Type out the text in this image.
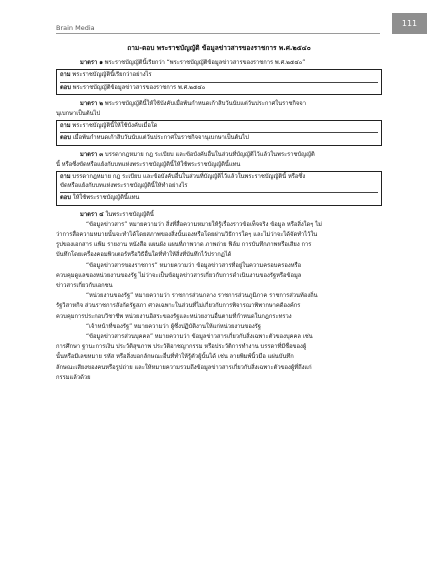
Brain Media	111
ถาม-ตอบ พระราชบัญญัติ ข้อมูลข่าวสารของราชการ พ.ศ.๒๕๔๐
มาตรา ๑ พระราชบัญญัตินี้เรียกว่า “พระราชบัญญัติข้อมูลข่าวสารของราชการ พ.ศ.๒๕๔๐”
ถาม พระราชบัญญัตินี้เรียกว่าอย่างไร
ตอบ พระราชบัญญัติข้อมูลข่าวสารของราชการ พ.ศ.๒๕๔๐
มาตรา ๒ พระราชบัญญัตินี้ให้ใช้บังคับเมื่อพ้นกำหนดเก้าสิบวันนับแต่วันประกาศในราชกิจจา
นุเบกษาเป็นต้นไป
ถาม พระราชบัญญัตินี้ให้ใช้บังคับเมื่อใด
ตอบ เมื่อพ้นกำหนดเก้าสิบวันนับแต่วันประกาศในราชกิจจานุเบกษาเป็นต้นไป
มาตรา ๓ บรรดากฎหมาย กฎ ระเบียบ และข้อบังคับอื่นในส่วนที่บัญญัติไว้แล้วในพระราชบัญญัติ
นี้ หรือซึ่งขัดหรือแย้งกับบทแห่งพระราชบัญญัตินี้ให้ใช้พระราชบัญญัตินี้แทน
ถาม บรรดากฎหมาย กฎ ระเบียบ และข้อบังคับอื่นในส่วนที่บัญญัติไว้แล้วในพระราชบัญญัตินี้ หรือซึ่ง
ขัดหรือแย้งกับบทแห่งพระราชบัญญัตินี้ให้ทำอย่างไร
ตอบ ให้ใช้พระราชบัญญัตินี้แทน
มาตรา ๔ ในพระราชบัญญัตินี้
“ข้อมูลข่าวสาร” หมายความว่า สิ่งที่สื่อความหมายให้รู้เรื่องราวข้อเท็จจริง ข้อมูล หรือสิ่งใดๆ ไม่
ว่าการสื่อความหมายนั้นจะทำได้โดยสภาพของสิ่งนั้นเองหรือโดยผ่านวิธีการใดๆ และไม่ว่าจะได้จัดทำไว้ใน
รูปของเอกสาร แฟ้ม รายงาน หนังสือ แผนผัง แผนที่ภาพวาด ภาพถ่าย ฟิล์ม การบันทึกภาพหรือเสียง การ
บันทึกโดยเครื่องคอมพิวเตอร์หรือวิธีอื่นใดที่ทำให้สิ่งที่บันทึกไว้ปรากฏได้
“ข้อมูลข่าวสารของราชการ” หมายความว่า ข้อมูลข่าวสารที่อยู่ในความครอบครองหรือ
ควบคุมดูแลของหน่วยงานของรัฐ ไม่ว่าจะเป็นข้อมูลข่าวสารเกี่ยวกับการดำเนินงานของรัฐหรือข้อมูล
ข่าวสารเกี่ยวกับเอกชน
“หน่วยงานของรัฐ” หมายความว่า ราชการส่วนกลาง ราชการส่วนภูมิภาค ราชการส่วนท้องถิ่น
รัฐวิสาหกิจ ส่วนราชการสังกัดรัฐสภา ศาลเฉพาะในส่วนที่ไม่เกี่ยวกับการพิจารณาพิพากษาคดีองค์กร
ควบคุมการประกอบวิชาชีพ หน่วยงานอิสระของรัฐและหน่วยงานอื่นตามที่กำหนดในกฎกระทรวง
“เจ้าหน้าที่ของรัฐ” หมายความว่า ผู้ซึ่งปฏิบัติงานให้แก่หน่วยงานของรัฐ
“ข้อมูลข่าวสารส่วนบุคคล” หมายความว่า ข้อมูลข่าวสารเกี่ยวกับสิ่งเฉพาะตัวของบุคคล เช่น
การศึกษา ฐานะการเงิน ประวัติสุขภาพ ประวัติอาชญากรรม หรือประวัติการทำงาน บรรดาที่มีชื่อของผู้
นั้นหรือมีเลขหมาย รหัส หรือสิ่งบอกลักษณะอื่นที่ทำให้รู้ตัวผู้นั้นได้ เช่น ลายพิมพ์นิ้วมือ แผ่นบันทึก
ลักษณะเสียงของคนหรือรูปถ่าย และให้หมายความรวมถึงข้อมูลข่าวสารเกี่ยวกับสิ่งเฉพาะตัวของผู้ที่ถึงแก่
กรรมแล้วด้วย
